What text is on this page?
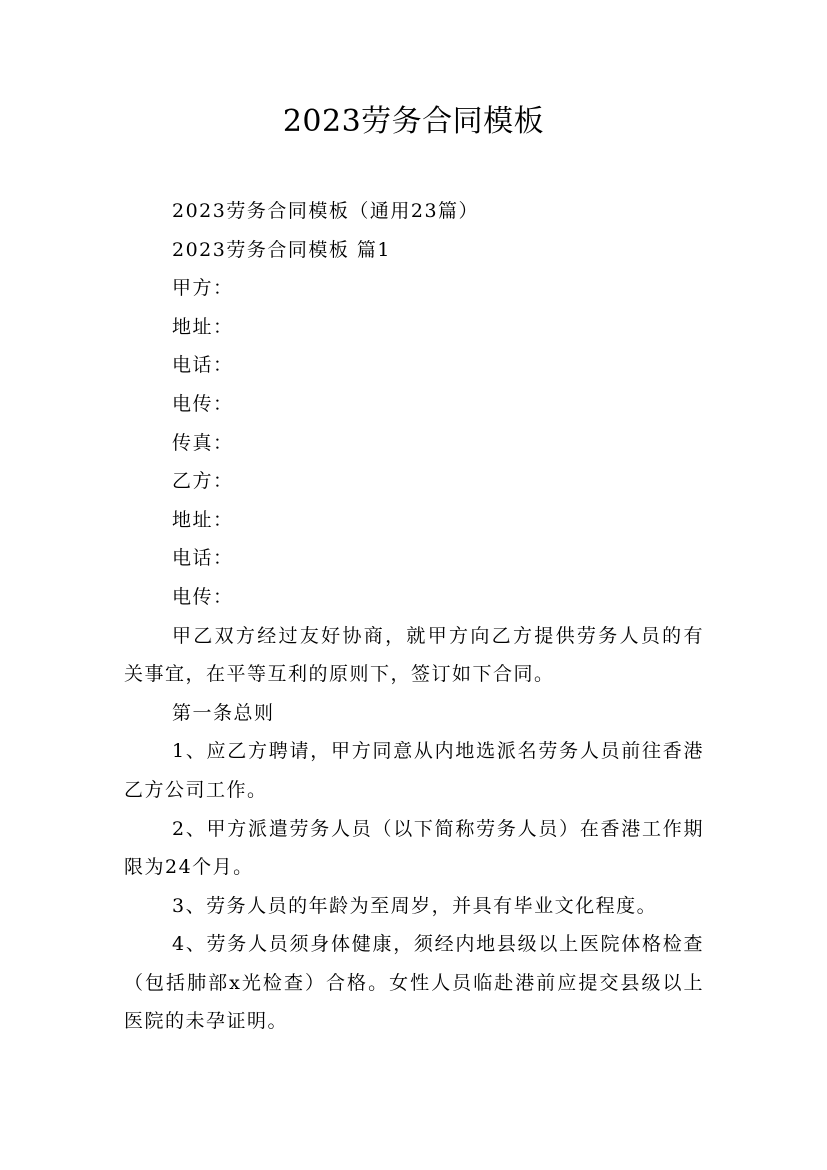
2023劳务合同模板

2023劳务合同模板（通用23篇）

2023劳务合同模板 篇1

甲方：

地址：

电话：

电传：

传真：

乙方：

地址：

电话：

电传：

甲乙双方经过友好协商，就甲方向乙方提供劳务人员的有关事宜，在平等互利的原则下，签订如下合同。

第一条总则

1、应乙方聘请，甲方同意从内地选派名劳务人员前往香港乙方公司工作。

2、甲方派遣劳务人员（以下简称劳务人员）在香港工作期限为24个月。

3、劳务人员的年龄为至周岁，并具有毕业文化程度。

4、劳务人员须身体健康，须经内地县级以上医院体格检查（包括肺部x光检查）合格。女性人员临赴港前应提交县级以上医院的未孕证明。
